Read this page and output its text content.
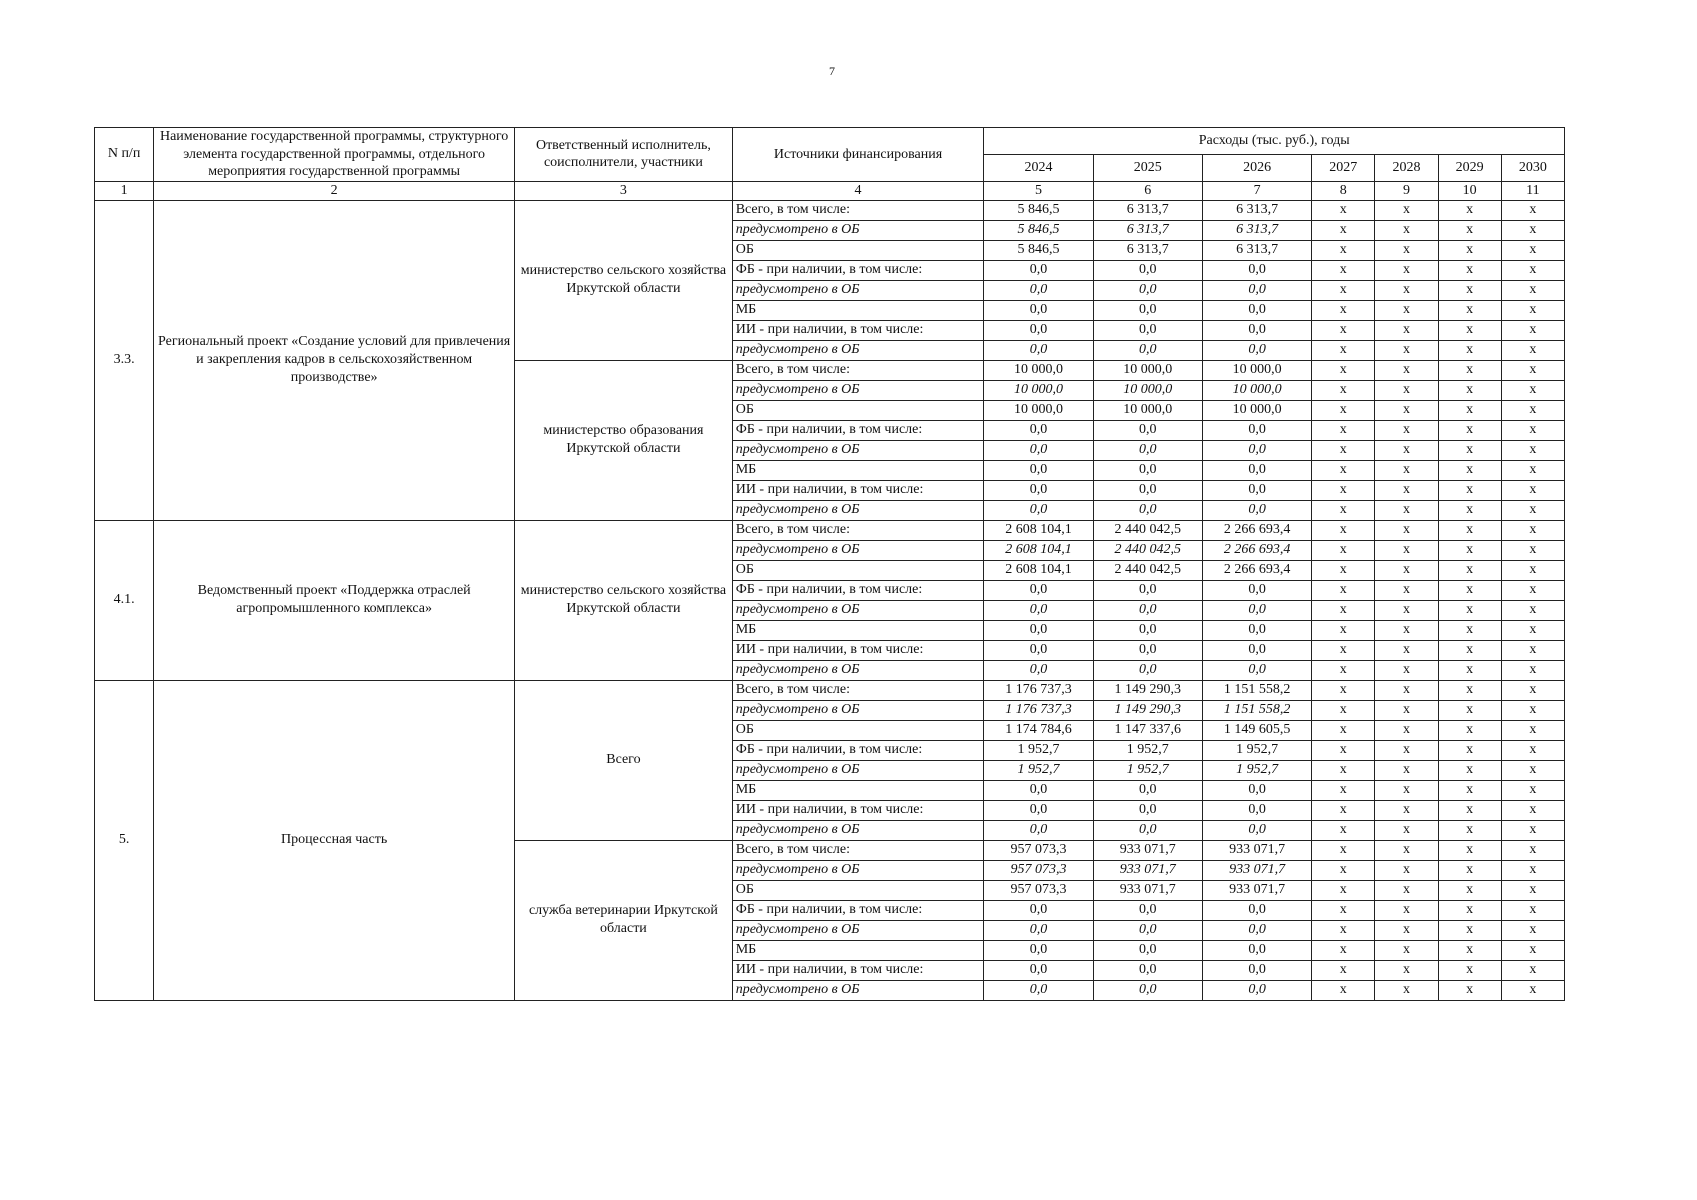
7
N п/п	Наименование государственной программы, структурного элемента государственной программы, отдельного мероприятия государственной программы	Ответственный исполнитель, соисполнители, участники	Источники финансирования	Расходы (тыс. руб.), годы						
				2024	2025	2026	2027	2028	2029	2030
1	2	3	4	5	6	7	8	9	10	11
3.3.	Региональный проект «Создание условий для привлечения и закрепления кадров в сельскохозяйственном производстве»	министерство сельского хозяйства Иркутской области	Всего, в том числе:	5 846,5	6 313,7	6 313,7	x	x	x	x
			предусмотрено в ОБ	5 846,5	6 313,7	6 313,7	x	x	x	x
			ОБ	5 846,5	6 313,7	6 313,7	x	x	x	x
			ФБ - при наличии, в том числе:	0,0	0,0	0,0	x	x	x	x
			предусмотрено в ОБ	0,0	0,0	0,0	x	x	x	x
			МБ	0,0	0,0	0,0	x	x	x	x
			ИИ - при наличии, в том числе:	0,0	0,0	0,0	x	x	x	x
			предусмотрено в ОБ	0,0	0,0	0,0	x	x	x	x
		министерство образования Иркутской области	Всего, в том числе:	10 000,0	10 000,0	10 000,0	x	x	x	x
			предусмотрено в ОБ	10 000,0	10 000,0	10 000,0	x	x	x	x
			ОБ	10 000,0	10 000,0	10 000,0	x	x	x	x
			ФБ - при наличии, в том числе:	0,0	0,0	0,0	x	x	x	x
			предусмотрено в ОБ	0,0	0,0	0,0	x	x	x	x
			МБ	0,0	0,0	0,0	x	x	x	x
			ИИ - при наличии, в том числе:	0,0	0,0	0,0	x	x	x	x
			предусмотрено в ОБ	0,0	0,0	0,0	x	x	x	x
4.1.	Ведомственный проект «Поддержка отраслей агропромышленного комплекса»	министерство сельского хозяйства Иркутской области	Всего, в том числе:	2 608 104,1	2 440 042,5	2 266 693,4	x	x	x	x
			предусмотрено в ОБ	2 608 104,1	2 440 042,5	2 266 693,4	x	x	x	x
			ОБ	2 608 104,1	2 440 042,5	2 266 693,4	x	x	x	x
			ФБ - при наличии, в том числе:	0,0	0,0	0,0	x	x	x	x
			предусмотрено в ОБ	0,0	0,0	0,0	x	x	x	x
			МБ	0,0	0,0	0,0	x	x	x	x
			ИИ - при наличии, в том числе:	0,0	0,0	0,0	x	x	x	x
			предусмотрено в ОБ	0,0	0,0	0,0	x	x	x	x
5.	Процессная часть	Всего	Всего, в том числе:	1 176 737,3	1 149 290,3	1 151 558,2	x	x	x	x
			предусмотрено в ОБ	1 176 737,3	1 149 290,3	1 151 558,2	x	x	x	x
			ОБ	1 174 784,6	1 147 337,6	1 149 605,5	x	x	x	x
			ФБ - при наличии, в том числе:	1 952,7	1 952,7	1 952,7	x	x	x	x
			предусмотрено в ОБ	1 952,7	1 952,7	1 952,7	x	x	x	x
			МБ	0,0	0,0	0,0	x	x	x	x
			ИИ - при наличии, в том числе:	0,0	0,0	0,0	x	x	x	x
			предусмотрено в ОБ	0,0	0,0	0,0	x	x	x	x
		служба ветеринарии Иркутской области	Всего, в том числе:	957 073,3	933 071,7	933 071,7	x	x	x	x
			предусмотрено в ОБ	957 073,3	933 071,7	933 071,7	x	x	x	x
			ОБ	957 073,3	933 071,7	933 071,7	x	x	x	x
			ФБ - при наличии, в том числе:	0,0	0,0	0,0	x	x	x	x
			предусмотрено в ОБ	0,0	0,0	0,0	x	x	x	x
			МБ	0,0	0,0	0,0	x	x	x	x
			ИИ - при наличии, в том числе:	0,0	0,0	0,0	x	x	x	x
			предусмотрено в ОБ	0,0	0,0	0,0	x	x	x	x
